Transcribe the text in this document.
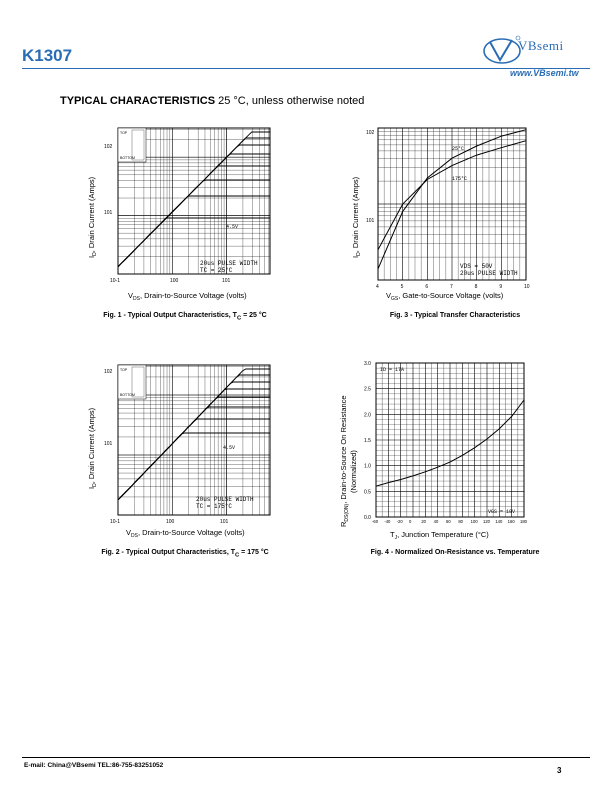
K1307
VBsemi
www.VBsemi.tw
TYPICAL CHARACTERISTICS 25 °C, unless otherwise noted
TOP
BOTTOM
4.5V
20us PULSE WIDTH
TC = 25°C
10-1	100	101
102
101
$V_{DS}$, Drain-to-Source Voltage (volts)
$I_D$, Drain Current (Amps)
Fig. 1 - Typical Output Characteristics, $T_C = 25$ °C
25°C
175°C
VDS = 50V
20us PULSE WIDTH
4	5	6	7	8	9	10
102
101
$V_{GS}$, Gate-to-Source Voltage (volts)
$I_D$, Drain Current (Amps)
Fig. 3 - Typical Transfer Characteristics
TOP
BOTTOM
4.5V
20us PULSE WIDTH
TC = 175°C
10-1	100	101
102
101
$V_{DS}$, Drain-to-Source Voltage (volts)
$I_D$, Drain Current (Amps)
Fig. 2 - Typical Output Characteristics, $T_C = 175$ °C
ID = 17A
VGS = 10V
-60 -40 -20 0 20 40 60 80 100 120 140 160 180
0.0
0.5
1.0
1.5
2.0
2.5
3.0
$T_J$, Junction Temperature (°C)
$R_{DS(ON)}$, Drain-to-Source On Resistance (Normalized)
Fig. 4 - Normalized On-Resistance vs. Temperature
E-mail: China@VBsemi TEL:86-755-83251052
3
